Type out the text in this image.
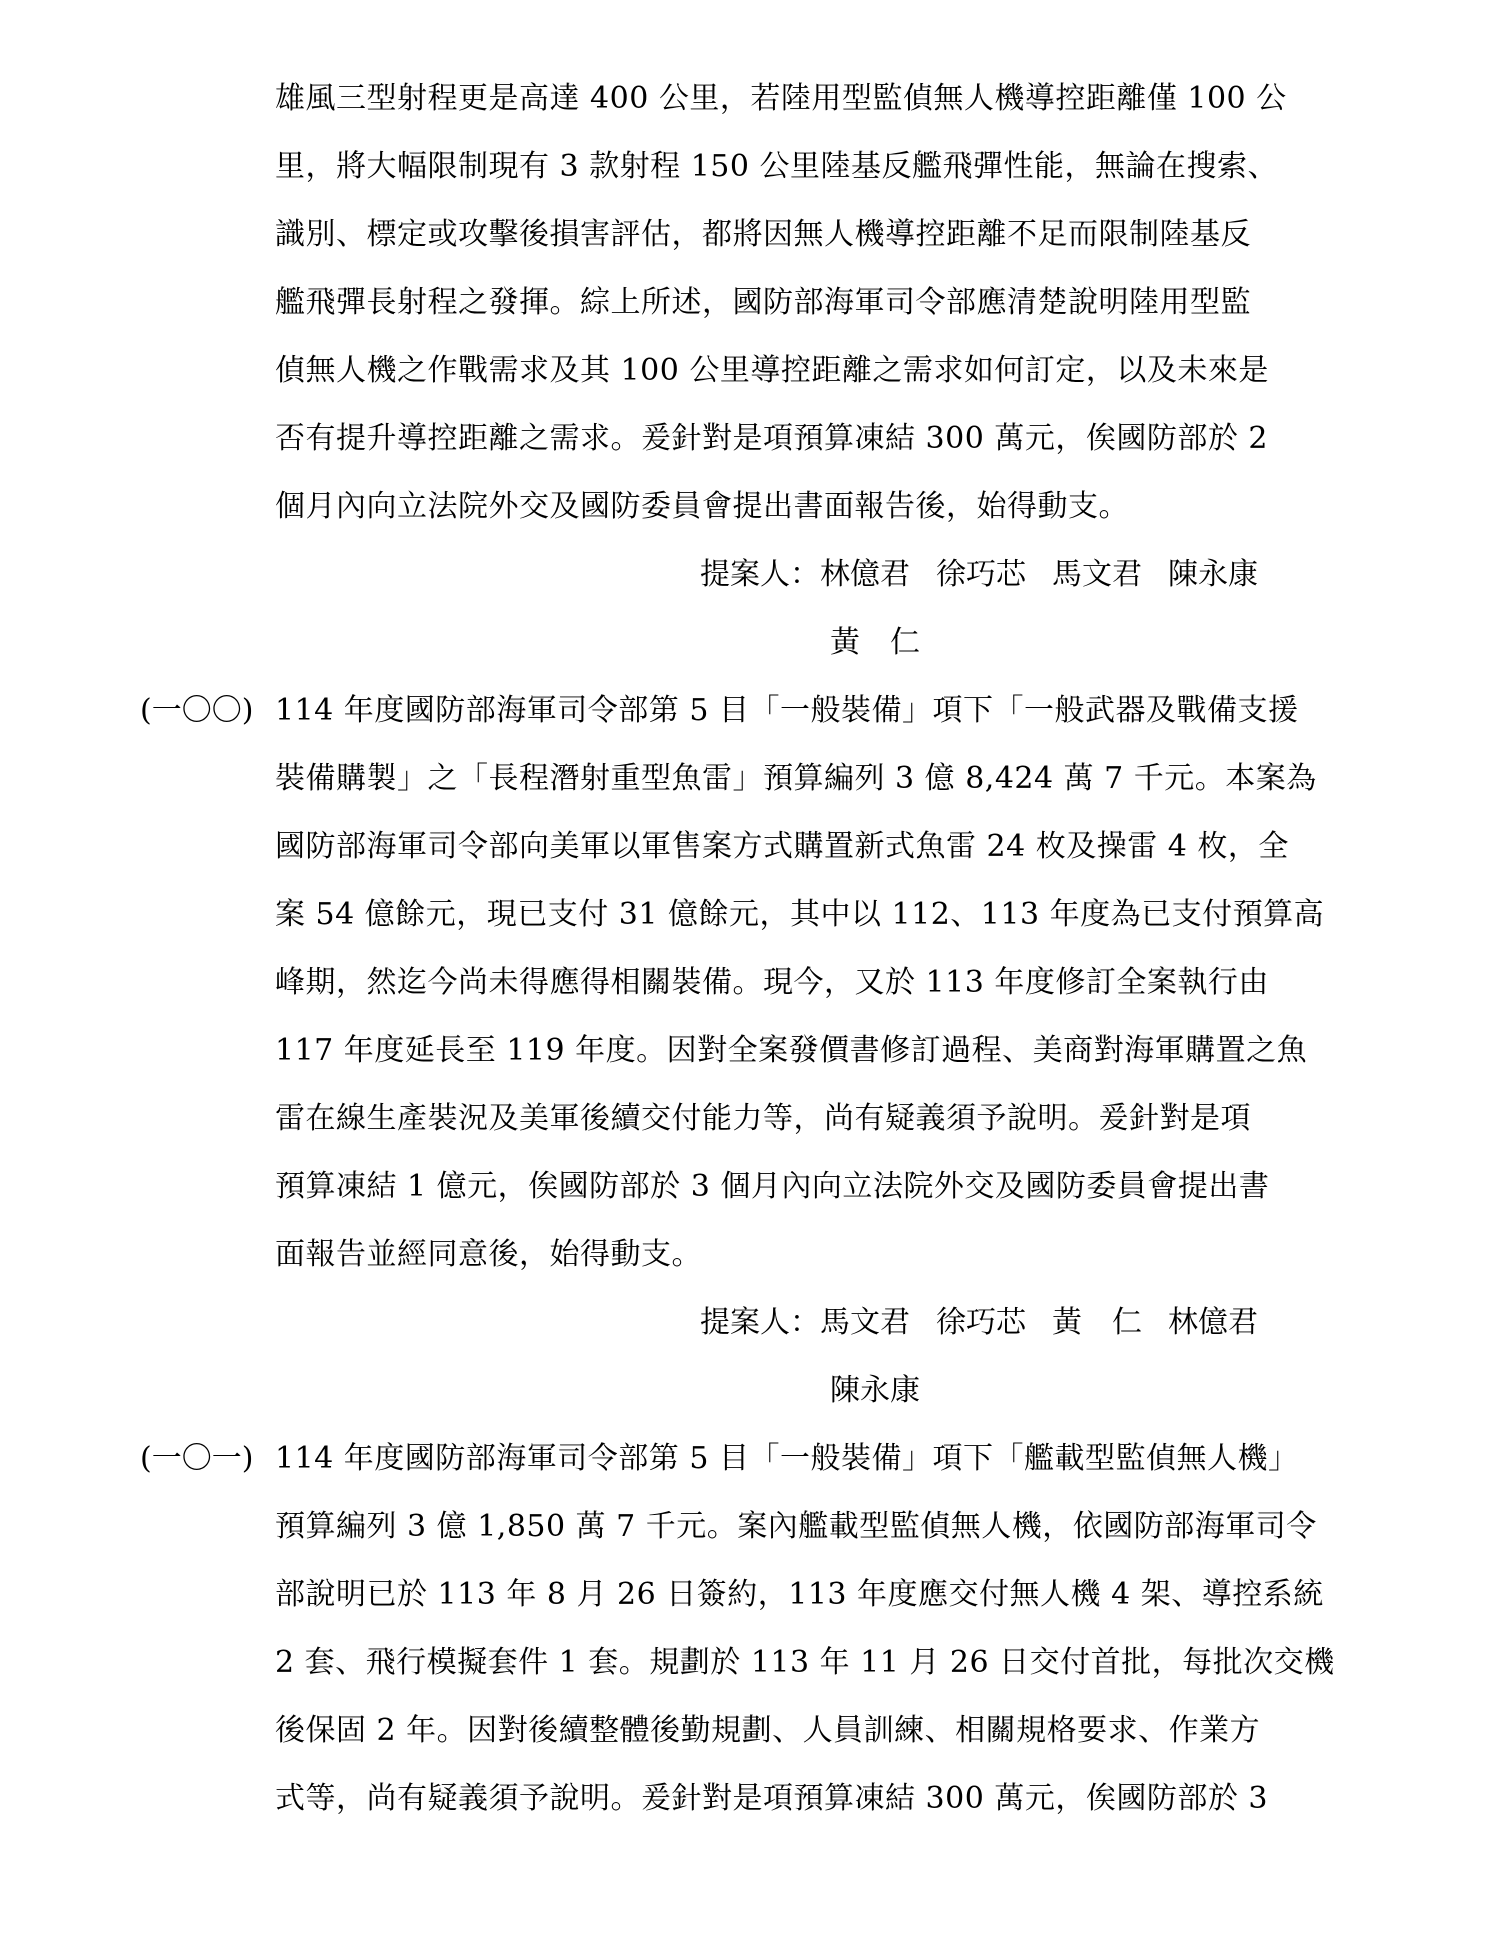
雄風三型射程更是高達 400 公里，若陸用型監偵無人機導控距離僅 100 公
里，將大幅限制現有 3 款射程 150 公里陸基反艦飛彈性能，無論在搜索、
識別、標定或攻擊後損害評估，都將因無人機導控距離不足而限制陸基反
艦飛彈長射程之發揮。綜上所述，國防部海軍司令部應清楚說明陸用型監
偵無人機之作戰需求及其 100 公里導控距離之需求如何訂定，以及未來是
否有提升導控距離之需求。爰針對是項預算凍結 300 萬元，俟國防部於 2
個月內向立法院外交及國防委員會提出書面報告後，始得動支。
提案人：林億君 徐巧芯 馬文君 陳永康
黃　仁
(一〇〇) 114 年度國防部海軍司令部第 5 目「一般裝備」項下「一般武器及戰備支援
裝備購製」之「長程潛射重型魚雷」預算編列 3 億 8,424 萬 7 千元。本案為
國防部海軍司令部向美軍以軍售案方式購置新式魚雷 24 枚及操雷 4 枚，全
案 54 億餘元，現已支付 31 億餘元，其中以 112、113 年度為已支付預算高
峰期，然迄今尚未得應得相關裝備。現今，又於 113 年度修訂全案執行由
117 年度延長至 119 年度。因對全案發價書修訂過程、美商對海軍購置之魚
雷在線生產裝況及美軍後續交付能力等，尚有疑義須予說明。爰針對是項
預算凍結 1 億元，俟國防部於 3 個月內向立法院外交及國防委員會提出書
面報告並經同意後，始得動支。
提案人：馬文君 徐巧芯 黃　仁 林億君
陳永康
(一〇一) 114 年度國防部海軍司令部第 5 目「一般裝備」項下「艦載型監偵無人機」
預算編列 3 億 1,850 萬 7 千元。案內艦載型監偵無人機，依國防部海軍司令
部說明已於 113 年 8 月 26 日簽約，113 年度應交付無人機 4 架、導控系統
2 套、飛行模擬套件 1 套。規劃於 113 年 11 月 26 日交付首批，每批次交機
後保固 2 年。因對後續整體後勤規劃、人員訓練、相關規格要求、作業方
式等，尚有疑義須予說明。爰針對是項預算凍結 300 萬元，俟國防部於 3
